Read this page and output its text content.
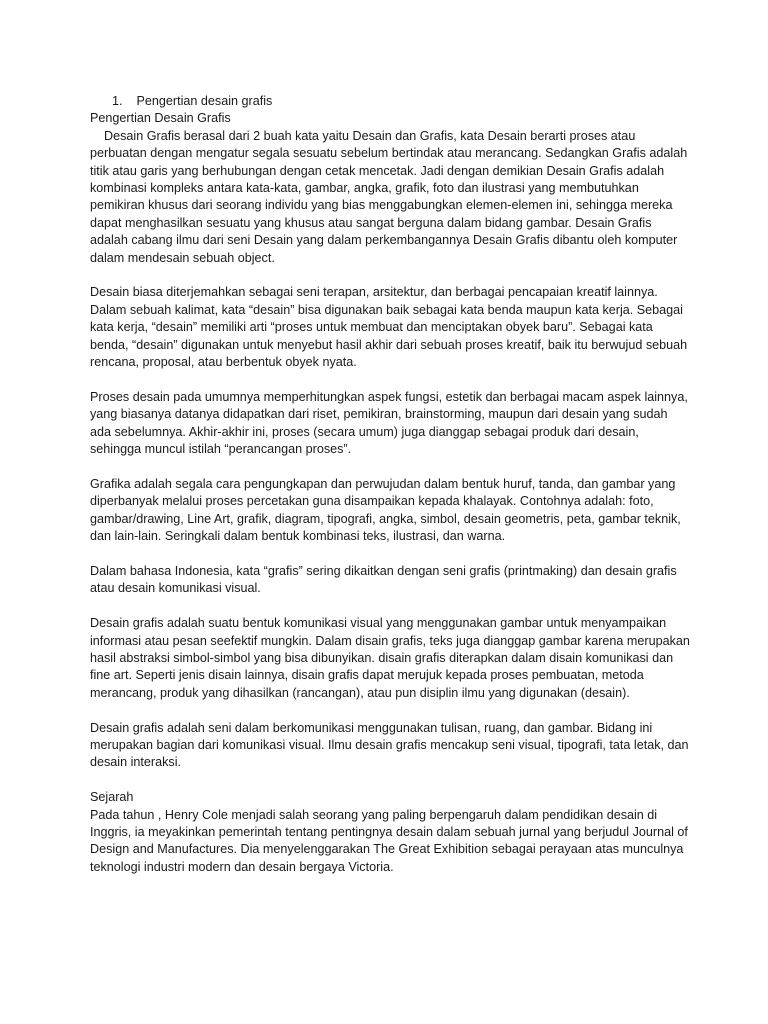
1. Pengertian desain grafis
Pengertian Desain Grafis

Desain Grafis berasal dari 2 buah kata yaitu Desain dan Grafis, kata Desain berarti proses atau perbuatan dengan mengatur segala sesuatu sebelum bertindak atau merancang. Sedangkan Grafis adalah titik atau garis yang berhubungan dengan cetak mencetak. Jadi dengan demikian Desain Grafis adalah kombinasi kompleks antara kata-kata, gambar, angka, grafik, foto dan ilustrasi yang membutuhkan pemikiran khusus dari seorang individu yang bias menggabungkan elemen-elemen ini, sehingga mereka dapat menghasilkan sesuatu yang khusus atau sangat berguna dalam bidang gambar. Desain Grafis adalah cabang ilmu dari seni Desain yang dalam perkembangannya Desain Grafis dibantu oleh komputer dalam mendesain sebuah object.

Desain biasa diterjemahkan sebagai seni terapan, arsitektur, dan berbagai pencapaian kreatif lainnya. Dalam sebuah kalimat, kata “desain” bisa digunakan baik sebagai kata benda maupun kata kerja. Sebagai kata kerja, “desain” memiliki arti “proses untuk membuat dan menciptakan obyek baru”. Sebagai kata benda, “desain” digunakan untuk menyebut hasil akhir dari sebuah proses kreatif, baik itu berwujud sebuah rencana, proposal, atau berbentuk obyek nyata.

Proses desain pada umumnya memperhitungkan aspek fungsi, estetik dan berbagai macam aspek lainnya, yang biasanya datanya didapatkan dari riset, pemikiran, brainstorming, maupun dari desain yang sudah ada sebelumnya. Akhir-akhir ini, proses (secara umum) juga dianggap sebagai produk dari desain, sehingga muncul istilah “perancangan proses”.

Grafika adalah segala cara pengungkapan dan perwujudan dalam bentuk huruf, tanda, dan gambar yang diperbanyak melalui proses percetakan guna disampaikan kepada khalayak. Contohnya adalah: foto, gambar/drawing, Line Art, grafik, diagram, tipografi, angka, simbol, desain geometris, peta, gambar teknik, dan lain-lain. Seringkali dalam bentuk kombinasi teks, ilustrasi, dan warna.

Dalam bahasa Indonesia, kata “grafis” sering dikaitkan dengan seni grafis (printmaking) dan desain grafis atau desain komunikasi visual.

Desain grafis adalah suatu bentuk komunikasi visual yang menggunakan gambar untuk menyampaikan informasi atau pesan seefektif mungkin. Dalam disain grafis, teks juga dianggap gambar karena merupakan hasil abstraksi simbol-simbol yang bisa dibunyikan. disain grafis diterapkan dalam disain komunikasi dan fine art. Seperti jenis disain lainnya, disain grafis dapat merujuk kepada proses pembuatan, metoda merancang, produk yang dihasilkan (rancangan), atau pun disiplin ilmu yang digunakan (desain).

Desain grafis adalah seni dalam berkomunikasi menggunakan tulisan, ruang, dan gambar. Bidang ini merupakan bagian dari komunikasi visual. Ilmu desain grafis mencakup seni visual, tipografi, tata letak, dan desain interaksi.

Sejarah

Pada tahun , Henry Cole menjadi salah seorang yang paling berpengaruh dalam pendidikan desain di Inggris, ia meyakinkan pemerintah tentang pentingnya desain dalam sebuah jurnal yang berjudul Journal of Design and Manufactures. Dia menyelenggarakan The Great Exhibition sebagai perayaan atas munculnya teknologi industri modern dan desain bergaya Victoria.
